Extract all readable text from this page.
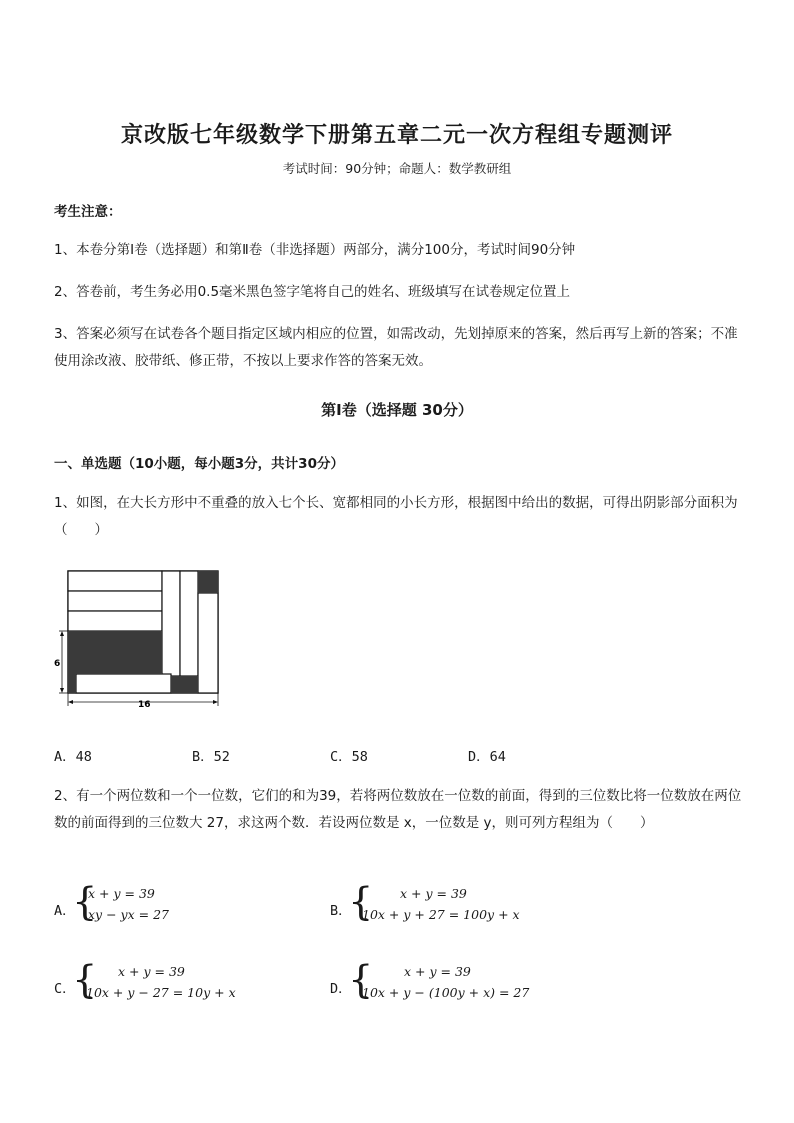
京改版七年级数学下册第五章二元一次方程组专题测评
考试时间：90分钟；命题人：数学教研组
考生注意：
1、本卷分第Ⅰ卷（选择题）和第Ⅱ卷（非选择题）两部分，满分100分，考试时间90分钟
2、答卷前，考生务必用0.5毫米黑色签字笔将自己的姓名、班级填写在试卷规定位置上
3、答案必须写在试卷各个题目指定区域内相应的位置，如需改动，先划掉原来的答案，然后再写上新的答案；不准使用涂改液、胶带纸、修正带，不按以上要求作答的答案无效。
第Ⅰ卷（选择题 30分）
一、单选题（10小题，每小题3分，共计30分）
1、如图，在大长方形中不重叠的放入七个长、宽都相同的小长方形，根据图中给出的数据，可得出阴影部分面积为（　　）
6
16
A．48	B．52	C．58	D．64
2、有一个两位数和一个一位数，它们的和为39，若将两位数放在一位数的前面，得到的三位数比将一位数放在两位数的前面得到的三位数大 27，求这两个数．若设两位数是 x，一位数是 y，则可列方程组为（　　）
A．
{
x + y = 39
xy − yx = 27	B．
{ x + y = 39
10x + y + 27 = 100y + x
C．
{ x + y = 39
10x + y − 27 = 10y + x	D．
{ x + y = 39
10x + y − (100y + x) = 27
